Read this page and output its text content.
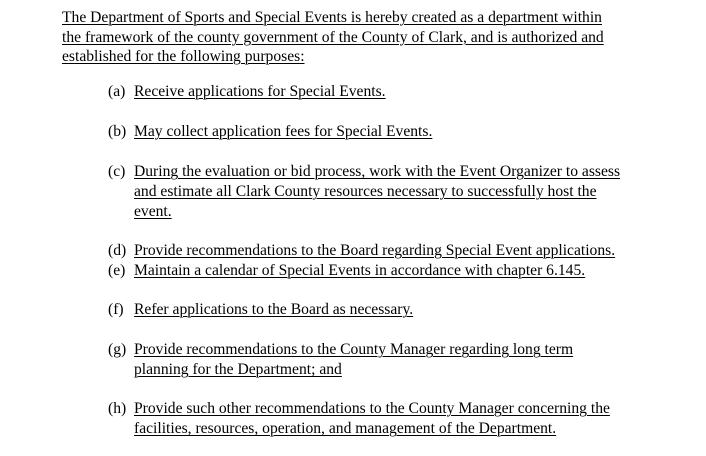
The Department of Sports and Special Events is hereby created as a department within
the framework of the county government of the County of Clark, and is authorized and
established for the following purposes:

(a) Receive applications for Special Events.
(b) May collect application fees for Special Events.
(c) During the evaluation or bid process, work with the Event Organizer to assess
and estimate all Clark County resources necessary to successfully host the
event.
(d) Provide recommendations to the Board regarding Special Event applications.
(e) Maintain a calendar of Special Events in accordance with chapter 6.145.
(f) Refer applications to the Board as necessary.
(g) Provide recommendations to the County Manager regarding long term
planning for the Department; and
(h) Provide such other recommendations to the County Manager concerning the
facilities, resources, operation, and management of the Department.
